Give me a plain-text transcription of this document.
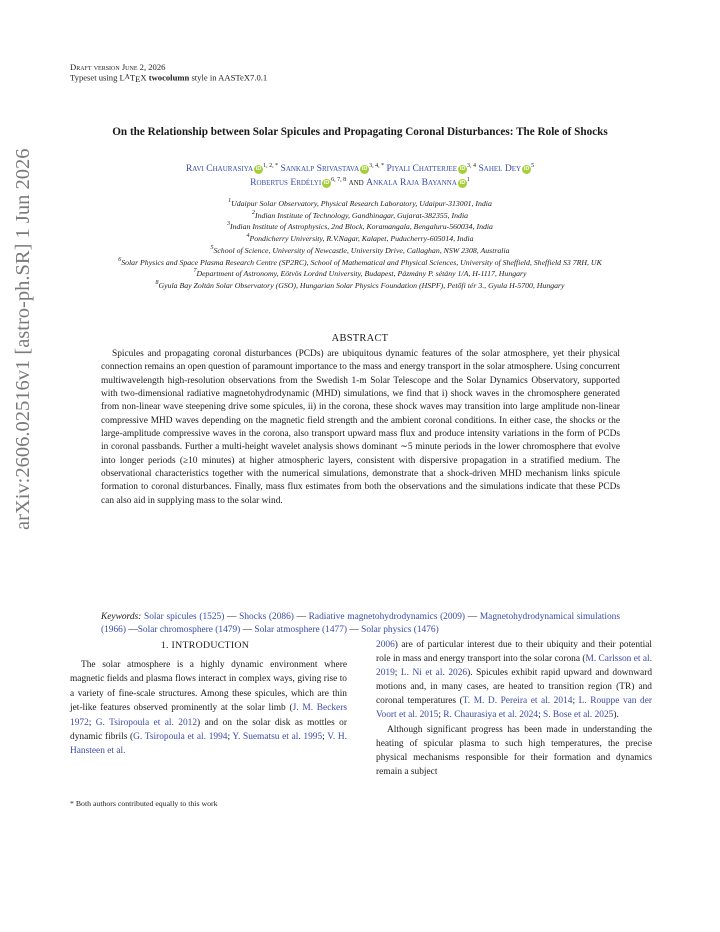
arXiv:2606.02516v1 [astro-ph.SR] 1 Jun 2026
Draft version June 2, 2026
Typeset using LATEX twocolumn style in AASTeX7.0.1
On the Relationship between Solar Spicules and Propagating Coronal Disturbances: The Role of Shocks
Ravi Chaurasiya iD $^{1, 2, *}$ Sankalp Srivastava iD $^{3, 4, *}$ Piyali Chatterjee iD $^{3, 4}$ Sahel Dey iD $^5$
Robertus Erdélyi iD $^{6, 7, 8}$ and Ankala Raja Bayanna iD $^1$
$^1$Udaipur Solar Observatory, Physical Research Laboratory, Udaipur-313001, India
$^2$Indian Institute of Technology, Gandhinagar, Gujarat-382355, India
$^3$Indian Institute of Astrophysics, 2nd Block, Koramangala, Bengaluru-560034, India
$^4$Pondicherry University, R.V.Nagar, Kalapet, Puducherry-605014, India
$^5$School of Science, University of Newcastle, University Drive, Callaghan, NSW 2308, Australia
$^6$Solar Physics and Space Plasma Research Centre (SP2RC), School of Mathematical and Physical Sciences, University of Sheffield, Sheffield S3 7RH, UK
$^7$Department of Astronomy, Eötvös Loránd University, Budapest, Pázmány P. sétány 1/A, H-1117, Hungary
$^8$Gyula Bay Zoltán Solar Observatory (GSO), Hungarian Solar Physics Foundation (HSPF), Petőfi tér 3., Gyula H-5700, Hungary
ABSTRACT

Spicules and propagating coronal disturbances (PCDs) are ubiquitous dynamic features of the solar atmosphere, yet their physical connection remains an open question of paramount importance to the mass and energy transport in the solar atmosphere. Using concurrent multiwavelength high-resolution observations from the Swedish 1-m Solar Telescope and the Solar Dynamics Observatory, supported with two-dimensional radiative magnetohydrodynamic (MHD) simulations, we find that i) shock waves in the chromosphere generated from non-linear wave steepening drive some spicules, ii) in the corona, these shock waves may transition into large amplitude non-linear compressive MHD waves depending on the magnetic field strength and the ambient coronal conditions. In either case, the shocks or the large-amplitude compressive waves in the corona, also transport upward mass flux and produce intensity variations in the form of PCDs in coronal passbands. Further a multi-height wavelet analysis shows dominant ∼5 minute periods in the lower chromosphere that evolve into longer periods (≥10 minutes) at higher atmospheric layers, consistent with dispersive propagation in a stratified medium. The observational characteristics together with the numerical simulations, demonstrate that a shock-driven MHD mechanism links spicule formation to coronal disturbances. Finally, mass flux estimates from both the observations and the simulations indicate that these PCDs can also aid in supplying mass to the solar wind.

Keywords: Solar spicules (1525) — Shocks (2086) — Radiative magnetohydrodynamics (2009) — Magnetohydrodynamical simulations (1966) —Solar chromosphere (1479) — Solar atmosphere (1477) — Solar physics (1476)
1. INTRODUCTION

The solar atmosphere is a highly dynamic environment where magnetic fields and plasma flows interact in complex ways, giving rise to a variety of fine-scale structures. Among these spicules, which are thin jet-like features observed prominently at the solar limb (J. M. Beckers 1972; G. Tsiropoula et al. 2012) and on the solar disk as mottles or dynamic fibrils (G. Tsiropoula et al. 1994; Y. Suematsu et al. 1995; V. H. Hansteen et al.

* Both authors contributed equally to this work

2006) are of particular interest due to their ubiquity and their potential role in mass and energy transport into the solar corona (M. Carlsson et al. 2019; L. Ni et al. 2026). Spicules exhibit rapid upward and downward motions and, in many cases, are heated to transition region (TR) and coronal temperatures (T. M. D. Pereira et al. 2014; L. Rouppe van der Voort et al. 2015; R. Chaurasiya et al. 2024; S. Bose et al. 2025).

Although significant progress has been made in understanding the heating of spicular plasma to such high temperatures, the precise physical mechanisms responsible for their formation and dynamics remain a subject
